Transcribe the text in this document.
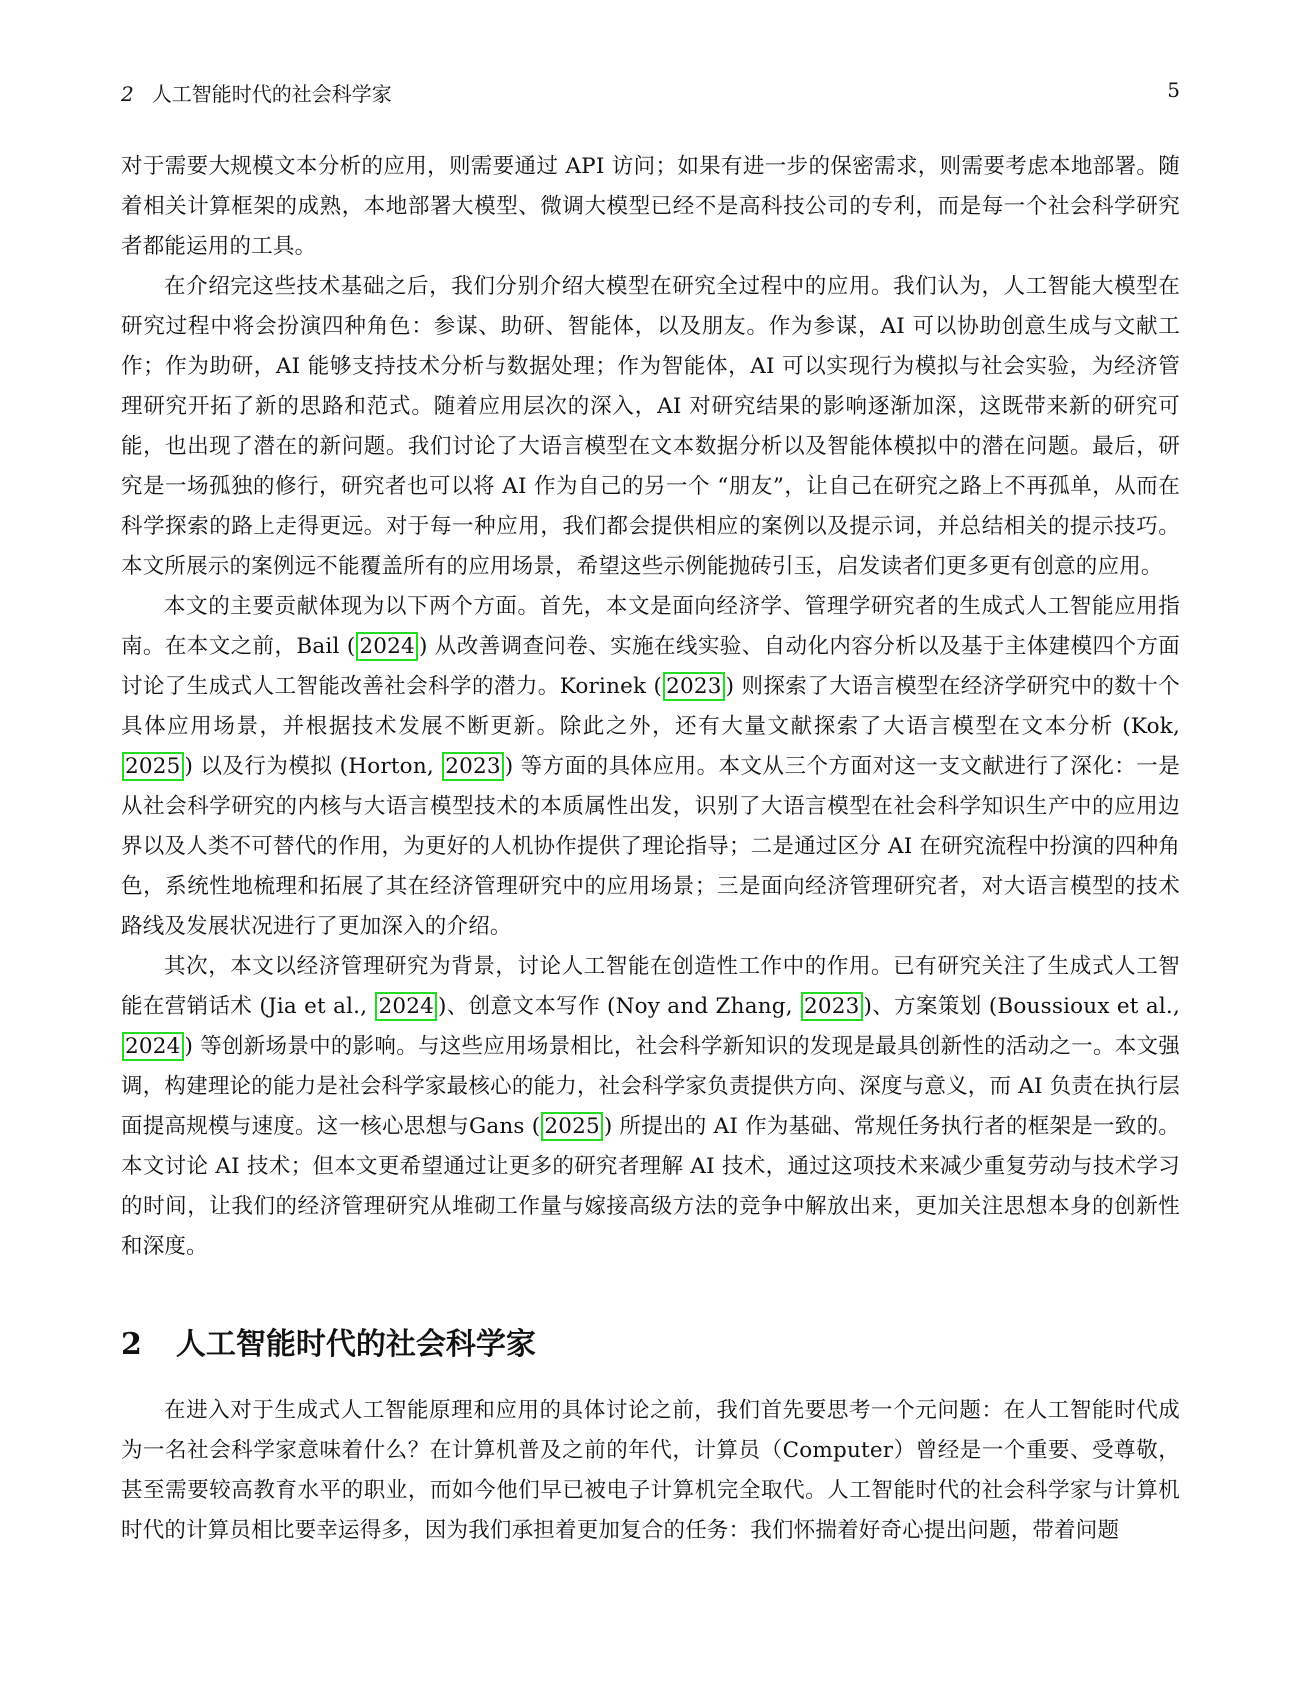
2 人工智能时代的社会科学家	5

对于需要大规模文本分析的应用，则需要通过 API 访问；如果有进一步的保密需求，则需要考虑本地部署。随着相关计算框架的成熟，本地部署大模型、微调大模型已经不是高科技公司的专利，而是每一个社会科学研究者都能运用的工具。

在介绍完这些技术基础之后，我们分别介绍大模型在研究全过程中的应用。我们认为，人工智能大模型在研究过程中将会扮演四种角色：参谋、助研、智能体，以及朋友。作为参谋，AI 可以协助创意生成与文献工作；作为助研，AI 能够支持技术分析与数据处理；作为智能体，AI 可以实现行为模拟与社会实验，为经济管理研究开拓了新的思路和范式。随着应用层次的深入，AI 对研究结果的影响逐渐加深，这既带来新的研究可能，也出现了潜在的新问题。我们讨论了大语言模型在文本数据分析以及智能体模拟中的潜在问题。最后，研究是一场孤独的修行，研究者也可以将 AI 作为自己的另一个 “朋友”，让自己在研究之路上不再孤单，从而在科学探索的路上走得更远。对于每一种应用，我们都会提供相应的案例以及提示词，并总结相关的提示技巧。本文所展示的案例远不能覆盖所有的应用场景，希望这些示例能抛砖引玉，启发读者们更多更有创意的应用。

本文的主要贡献体现为以下两个方面。首先，本文是面向经济学、管理学研究者的生成式人工智能应用指南。在本文之前，Bail ( 2024 ) 从改善调查问卷、实施在线实验、自动化内容分析以及基于主体建模四个方面讨论了生成式人工智能改善社会科学的潜力。Korinek ( 2023 ) 则探索了大语言模型在经济学研究中的数十个具体应用场景，并根据技术发展不断更新。除此之外，还有大量文献探索了大语言模型在文本分析 (Kok, 2025 ) 以及行为模拟 (Horton, 2023 ) 等方面的具体应用。本文从三个方面对这一支文献进行了深化：一是从社会科学研究的内核与大语言模型技术的本质属性出发，识别了大语言模型在社会科学知识生产中的应用边界以及人类不可替代的作用，为更好的人机协作提供了理论指导；二是通过区分 AI 在研究流程中扮演的四种角色，系统性地梳理和拓展了其在经济管理研究中的应用场景；三是面向经济管理研究者，对大语言模型的技术路线及发展状况进行了更加深入的介绍。

其次，本文以经济管理研究为背景，讨论人工智能在创造性工作中的作用。已有研究关注了生成式人工智能在营销话术 (Jia et al., 2024 )、创意文本写作 (Noy and Zhang, 2023 )、方案策划 (Boussioux et al., 2024 ) 等创新场景中的影响。与这些应用场景相比，社会科学新知识的发现是最具创新性的活动之一。本文强调，构建理论的能力是社会科学家最核心的能力，社会科学家负责提供方向、深度与意义，而 AI 负责在执行层面提高规模与速度。这一核心思想与Gans ( 2025 ) 所提出的 AI 作为基础、常规任务执行者的框架是一致的。本文讨论 AI 技术；但本文更希望通过让更多的研究者理解 AI 技术，通过这项技术来减少重复劳动与技术学习的时间，让我们的经济管理研究从堆砌工作量与嫁接高级方法的竞争中解放出来，更加关注思想本身的创新性和深度。

2 人工智能时代的社会科学家

在进入对于生成式人工智能原理和应用的具体讨论之前，我们首先要思考一个元问题：在人工智能时代成为一名社会科学家意味着什么？在计算机普及之前的年代，计算员（Computer）曾经是一个重要、受尊敬，甚至需要较高教育水平的职业，而如今他们早已被电子计算机完全取代。人工智能时代的社会科学家与计算机时代的计算员相比要幸运得多，因为我们承担着更加复合的任务：我们怀揣着好奇心提出问题，带着问题
